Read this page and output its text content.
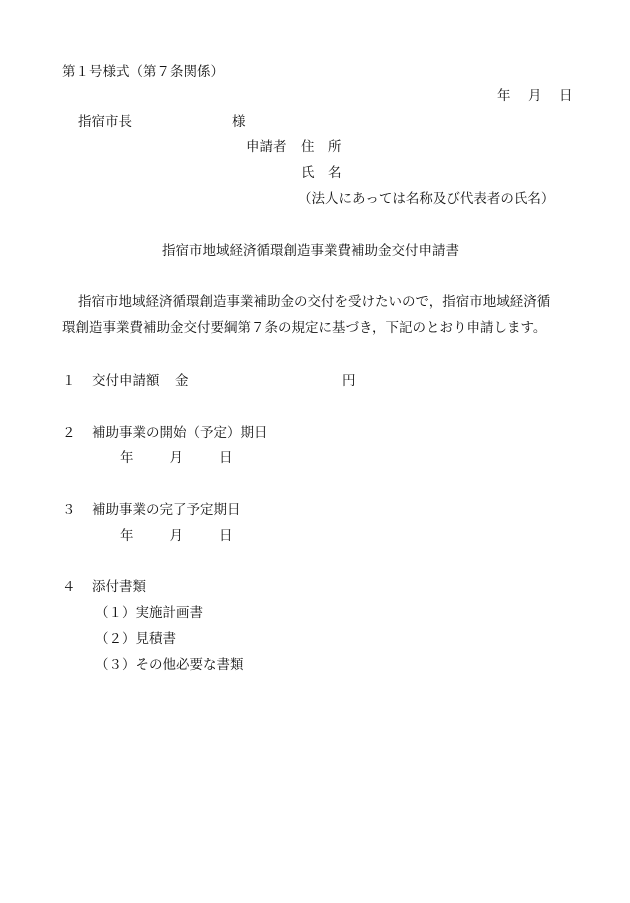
第１号様式（第７条関係）
年　月　日
指宿市長	様
申請者 住　所
氏　名
（法人にあっては名称及び代表者の氏名）
指宿市地域経済循環創造事業費補助金交付申請書
指宿市地域経済循環創造事業補助金の交付を受けたいので，指宿市地域経済循
環創造事業費補助金交付要綱第７条の規定に基づき，下記のとおり申請します。
１ 交付申請額 金	円
２ 補助事業の開始（予定）期日
年　　月　　日
３ 補助事業の完了予定期日
年　　月　　日
４ 添付書類
（１）実施計画書
（２）見積書
（３）その他必要な書類
